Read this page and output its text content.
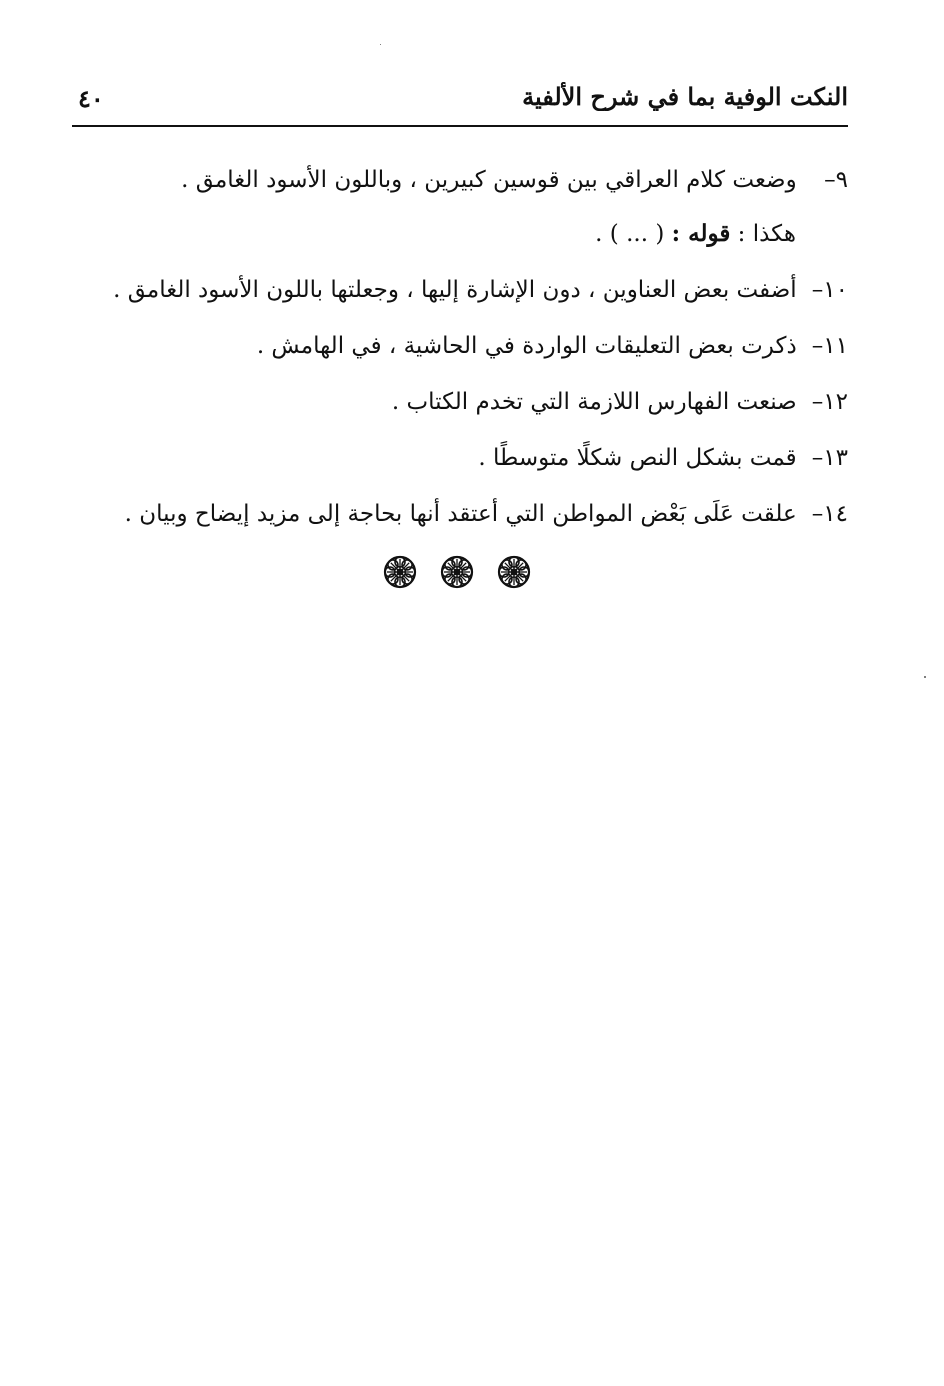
النكت الوفية بما في شرح الألفية
٤٠
٩– وضعت كلام العراقي بين قوسين كبيرين ، وباللون الأسود الغامق .
هكذا : قوله : ( ... ) .
١٠– أضفت بعض العناوين ، دون الإشارة إليها ، وجعلتها باللون الأسود الغامق .
١١– ذكرت بعض التعليقات الواردة في الحاشية ، في الهامش .
١٢– صنعت الفهارس اللازمة التي تخدم الكتاب .
١٣– قمت بشكل النص شكلًا متوسطًا .
١٤– علقت عَلَى بَعْض المواطن التي أعتقد أنها بحاجة إلى مزيد إيضاح وبيان .
